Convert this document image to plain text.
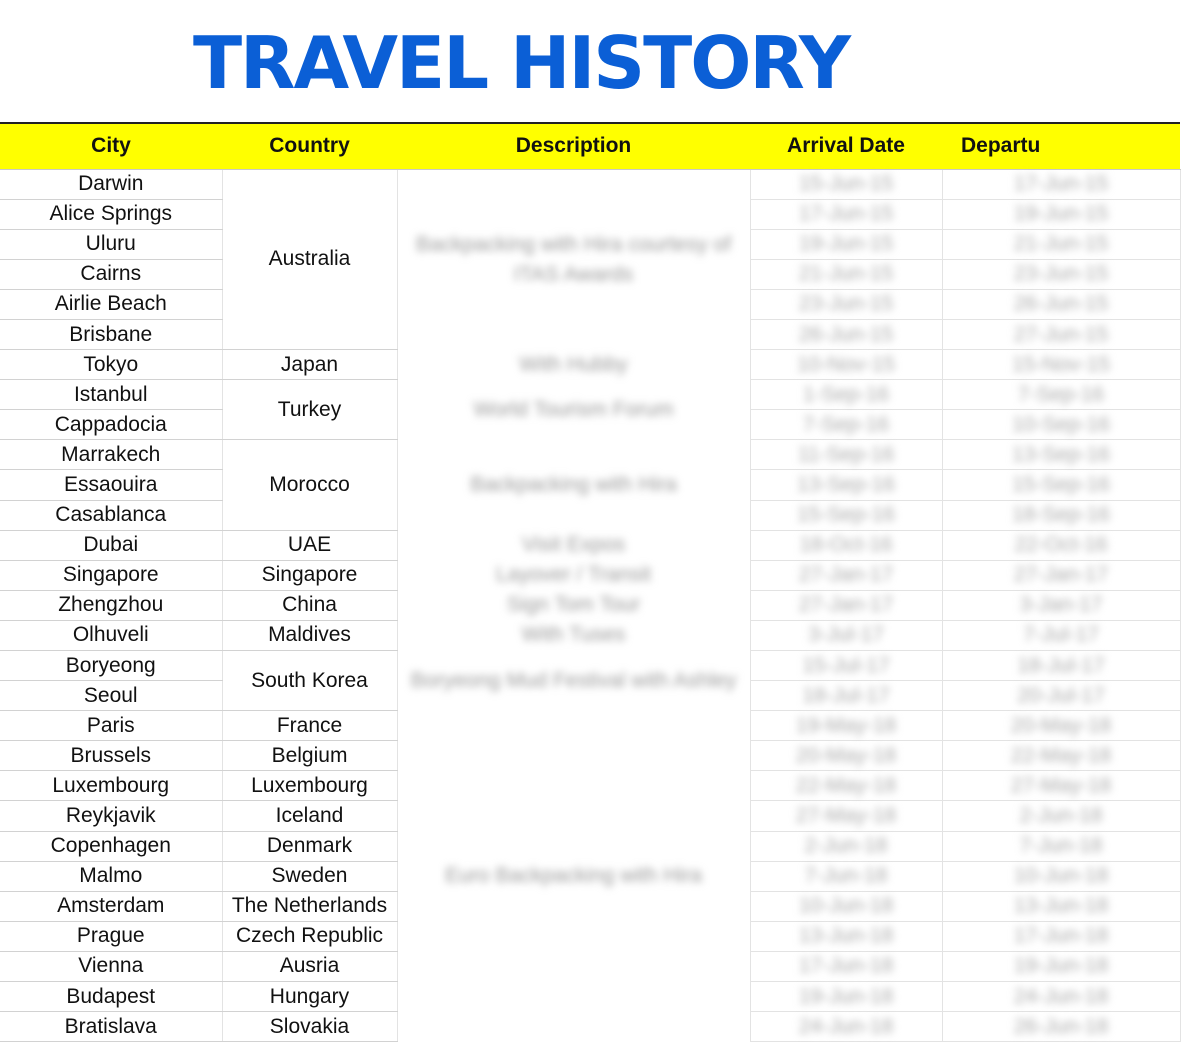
TRAVEL HISTORY
City	Country	Description	Arrival Date	Departu
Darwin	Australia	Backpacking with Hira courtesy of ITAS Awards	15-Jun-15	17-Jun-15
Alice Springs			17-Jun-15	19-Jun-15
Uluru			19-Jun-15	21-Jun-15
Cairns			21-Jun-15	23-Jun-15
Airlie Beach			23-Jun-15	26-Jun-15
Brisbane			26-Jun-15	27-Jun-15
Tokyo	Japan	With Hubby	10-Nov-15	15-Nov-15
Istanbul	Turkey	World Tourism Forum	1-Sep-16	7-Sep-16
Cappadocia			7-Sep-16	10-Sep-16
Marrakech	Morocco	Backpacking with Hira	11-Sep-16	13-Sep-16
Essaouira			13-Sep-16	15-Sep-16
Casablanca			15-Sep-16	18-Sep-16
Dubai	UAE	Visit Expos	18-Oct-16	22-Oct-16
Singapore	Singapore	Layover / Transit	27-Jan-17	27-Jan-17
Zhengzhou	China	Sign Tom Tour	27-Jan-17	3-Jan-17
Olhuveli	Maldives	With Tuses	3-Jul-17	7-Jul-17
Boryeong	South Korea	Boryeong Mud Festival with Ashley	15-Jul-17	18-Jul-17
Seoul			18-Jul-17	20-Jul-17
Paris	France	Euro Backpacking with Hira	19-May-18	20-May-18
Brussels	Belgium		20-May-18	22-May-18
Luxembourg	Luxembourg		22-May-18	27-May-18
Reykjavik	Iceland		27-May-18	2-Jun-18
Copenhagen	Denmark		2-Jun-18	7-Jun-18
Malmo	Sweden		7-Jun-18	10-Jun-18
Amsterdam	The Netherlands		10-Jun-18	13-Jun-18
Prague	Czech Republic		13-Jun-18	17-Jun-18
Vienna	Ausria		17-Jun-18	19-Jun-18
Budapest	Hungary		19-Jun-18	24-Jun-18
Bratislava	Slovakia		24-Jun-18	26-Jun-18
